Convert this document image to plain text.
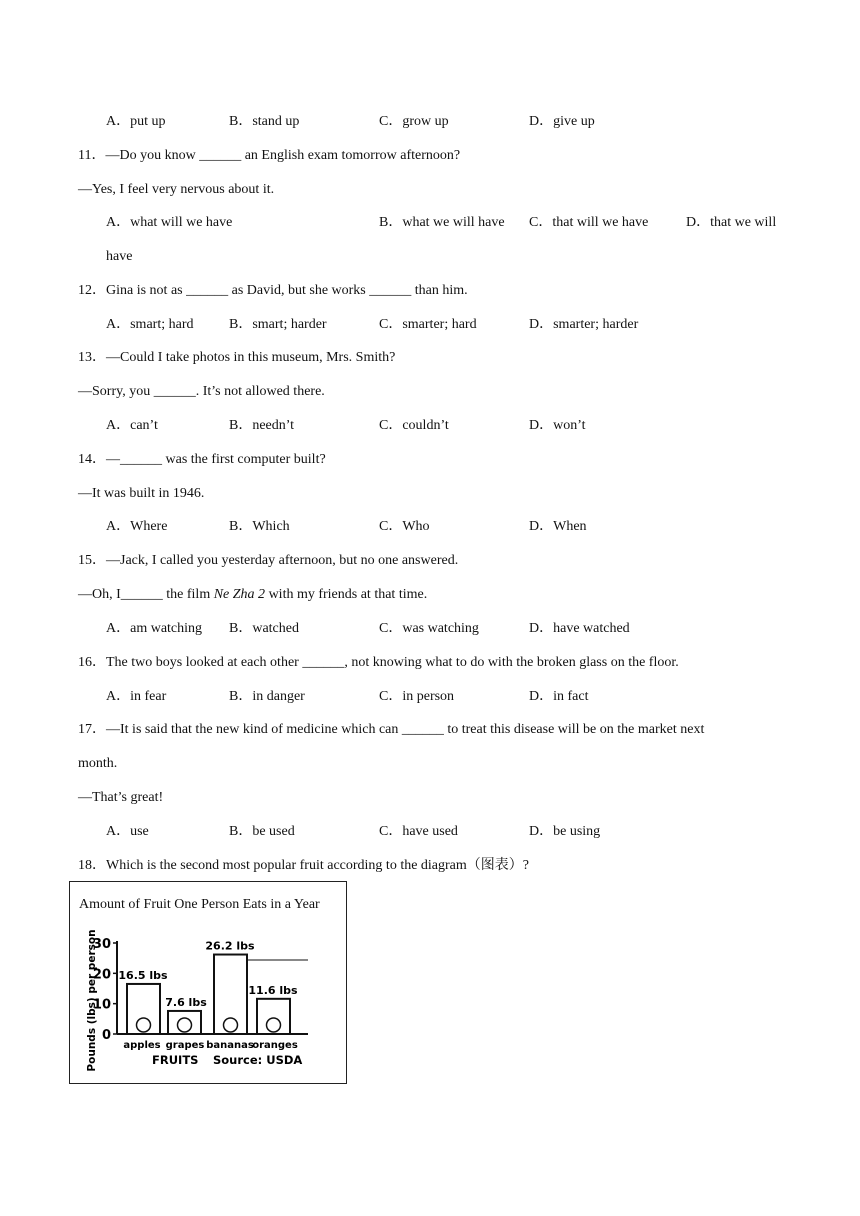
A．put up	B．stand up	C．grow up	D．give up
11．—Do you know ______ an English exam tomorrow afternoon?
—Yes, I feel very nervous about it.
A．what will we have	B．what we will have C．that will we have	D．that we will
have
12．Gina is not as ______ as David, but she works ______ than him.
A．smart; hard	B．smart; harder	C．smarter; hard	D．smarter; harder
13．—Could I take photos in this museum, Mrs. Smith?
—Sorry, you ______. It’s not allowed there.
A．can’t	B．needn’t	C．couldn’t	D．won’t
14．—______ was the first computer built?
—It was built in 1946.
A．Where	B．Which	C．Who	D．When
15．—Jack, I called you yesterday afternoon, but no one answered.
—Oh, I______ the film Ne Zha 2 with my friends at that time.
A．am watching B．watched	C．was watching	D．have watched
16．The two boys looked at each other ______, not knowing what to do with the broken glass on the floor.
A．in fear	B．in danger	C．in person	D．in fact
17．—It is said that the new kind of medicine which can ______ to treat this disease will be on the market next
month.
—That’s great!
A．use	B．be used	C．have used	D．be using
18．Which is the second most popular fruit according to the diagram（图表）?
Amount of Fruit One Person Eats in a Year
0
10
20
30
Pounds (lbs) per person 16.5 lbs
apples
7.6 lbs
grapes
26.2 lbs
bananas
11.6 lbs
oranges
FRUITS Source: USDA
